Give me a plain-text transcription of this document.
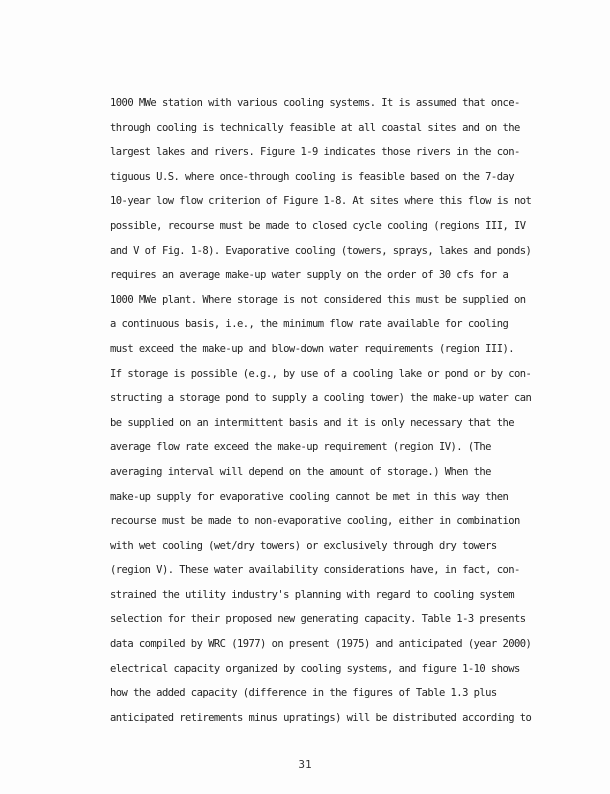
1000 MWe station with various cooling systems. It is assumed that once-
through cooling is technically feasible at all coastal sites and on the
largest lakes and rivers. Figure 1-9 indicates those rivers in the con-
tiguous U.S. where once-through cooling is feasible based on the 7-day
10-year low flow criterion of Figure 1-8. At sites where this flow is not
possible, recourse must be made to closed cycle cooling (regions III, IV
and V of Fig. 1-8). Evaporative cooling (towers, sprays, lakes and ponds)
requires an average make-up water supply on the order of 30 cfs for a
1000 MWe plant. Where storage is not considered this must be supplied on
a continuous basis, i.e., the minimum flow rate available for cooling
must exceed the make-up and blow-down water requirements (region III).
If storage is possible (e.g., by use of a cooling lake or pond or by con-
structing a storage pond to supply a cooling tower) the make-up water can
be supplied on an intermittent basis and it is only necessary that the
average flow rate exceed the make-up requirement (region IV). (The
averaging interval will depend on the amount of storage.) When the
make-up supply for evaporative cooling cannot be met in this way then
recourse must be made to non-evaporative cooling, either in combination
with wet cooling (wet/dry towers) or exclusively through dry towers
(region V). These water availability considerations have, in fact, con-
strained the utility industry's planning with regard to cooling system
selection for their proposed new generating capacity. Table 1-3 presents
data compiled by WRC (1977) on present (1975) and anticipated (year 2000)
electrical capacity organized by cooling systems, and figure 1-10 shows
how the added capacity (difference in the figures of Table 1.3 plus
anticipated retirements minus upratings) will be distributed according to
31
